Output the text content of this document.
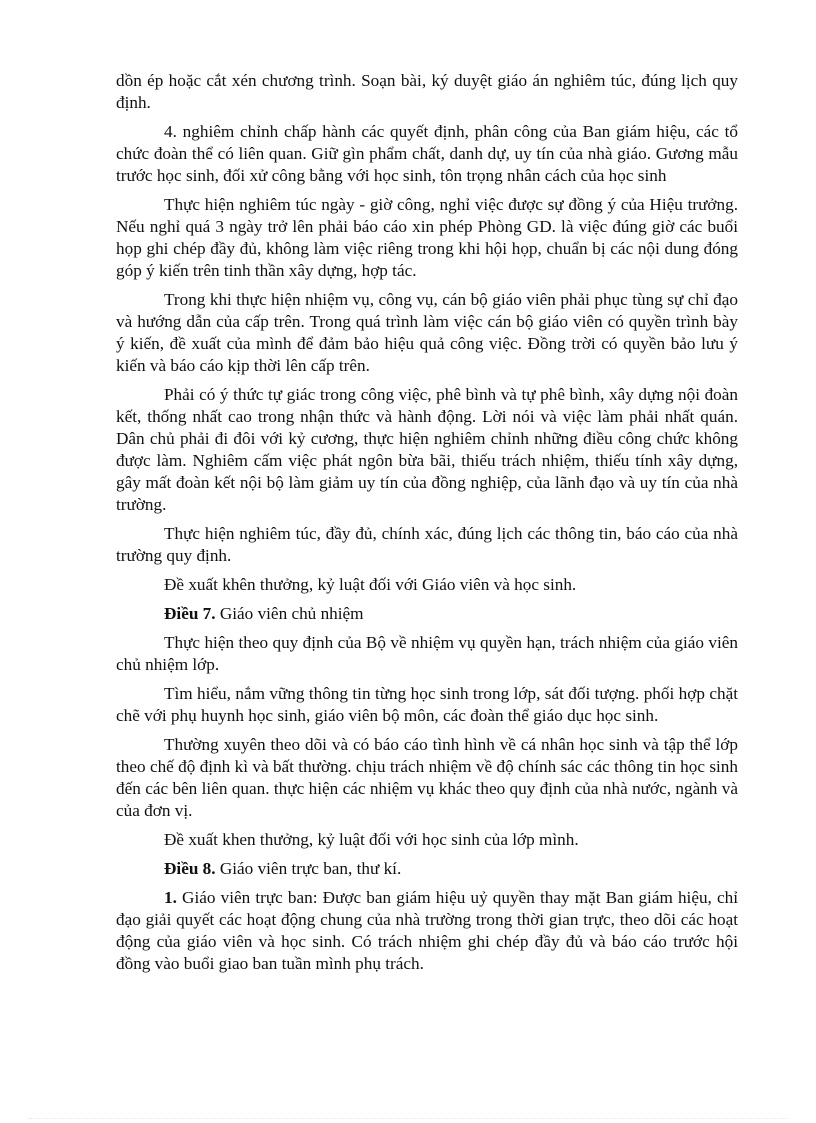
dồn ép hoặc cắt xén chương trình. Soạn bài, ký duyệt giáo án nghiêm túc, đúng lịch quy định.

4. nghiêm chỉnh chấp hành các quyết định, phân công của Ban giám hiệu, các tổ chức đoàn thể có liên quan. Giữ gìn phẩm chất, danh dự, uy tín của nhà giáo. Gương mẫu trước học sinh, đối xử công bằng với học sinh, tôn trọng nhân cách của học sinh

Thực hiện nghiêm túc ngày - giờ công, nghỉ việc được sự đồng ý của Hiệu trưởng. Nếu nghỉ quá 3 ngày trở lên phải báo cáo xin phép Phòng GD. là việc đúng giờ các buổi họp ghi chép đầy đủ, không làm việc riêng trong khi hội họp, chuẩn bị các nội dung đóng góp ý kiến trên tinh thần xây dựng, hợp tác.

Trong khi thực hiện nhiệm vụ, công vụ, cán bộ giáo viên phải phục tùng sự chỉ đạo và hướng dẫn của cấp trên. Trong quá trình làm việc cán bộ giáo viên có quyền trình bày ý kiến, đề xuất của mình để đảm bảo hiệu quả công việc. Đồng trời có quyền bảo lưu ý kiến và báo cáo kịp thời lên cấp trên.

Phải có ý thức tự giác trong công việc, phê bình và tự phê bình, xây dựng nội đoàn kết, thống nhất cao trong nhận thức và hành động. Lời nói và việc làm phải nhất quán. Dân chủ phải đi đôi với kỷ cương, thực hiện nghiêm chỉnh những điều công chức không được làm. Nghiêm cấm việc phát ngôn bừa bãi, thiếu trách nhiệm, thiếu tính xây dựng, gây mất đoàn kết nội bộ làm giảm uy tín của đồng nghiệp, của lãnh đạo và uy tín của nhà trường.

Thực hiện nghiêm túc, đầy đủ, chính xác, đúng lịch các thông tin, báo cáo của nhà trường quy định.

Đề xuất khên thưởng, kỷ luật đối với Giáo viên và học sinh.

Điều 7. Giáo viên chủ nhiệm

Thực hiện theo quy định của Bộ về nhiệm vụ quyền hạn, trách nhiệm của giáo viên chủ nhiệm lớp.

Tìm hiểu, nắm vững thông tin từng học sinh trong lớp, sát đối tượng. phối hợp chặt chẽ với phụ huynh học sinh, giáo viên bộ môn, các đoàn thể giáo dục học sinh.

Thường xuyên theo dõi và có báo cáo tình hình về cá nhân học sinh và tập thể lớp theo chế độ định kì và bất thường. chịu trách nhiệm về độ chính sác các thông tin học sinh đến các bên liên quan. thực hiện các nhiệm vụ khác theo quy định của nhà nước, ngành và của đơn vị.

Đề xuất khen thưởng, kỷ luật đối với học sinh của lớp mình.

Điều 8. Giáo viên trực ban, thư kí.

1. Giáo viên trực ban: Được ban giám hiệu uỷ quyền thay mặt Ban giám hiệu, chỉ đạo giải quyết các hoạt động chung của nhà trường trong thời gian trực, theo dõi các hoạt động của giáo viên và học sinh. Có trách nhiệm ghi chép đầy đủ và báo cáo trước hội đồng vào buổi giao ban tuần mình phụ trách.
